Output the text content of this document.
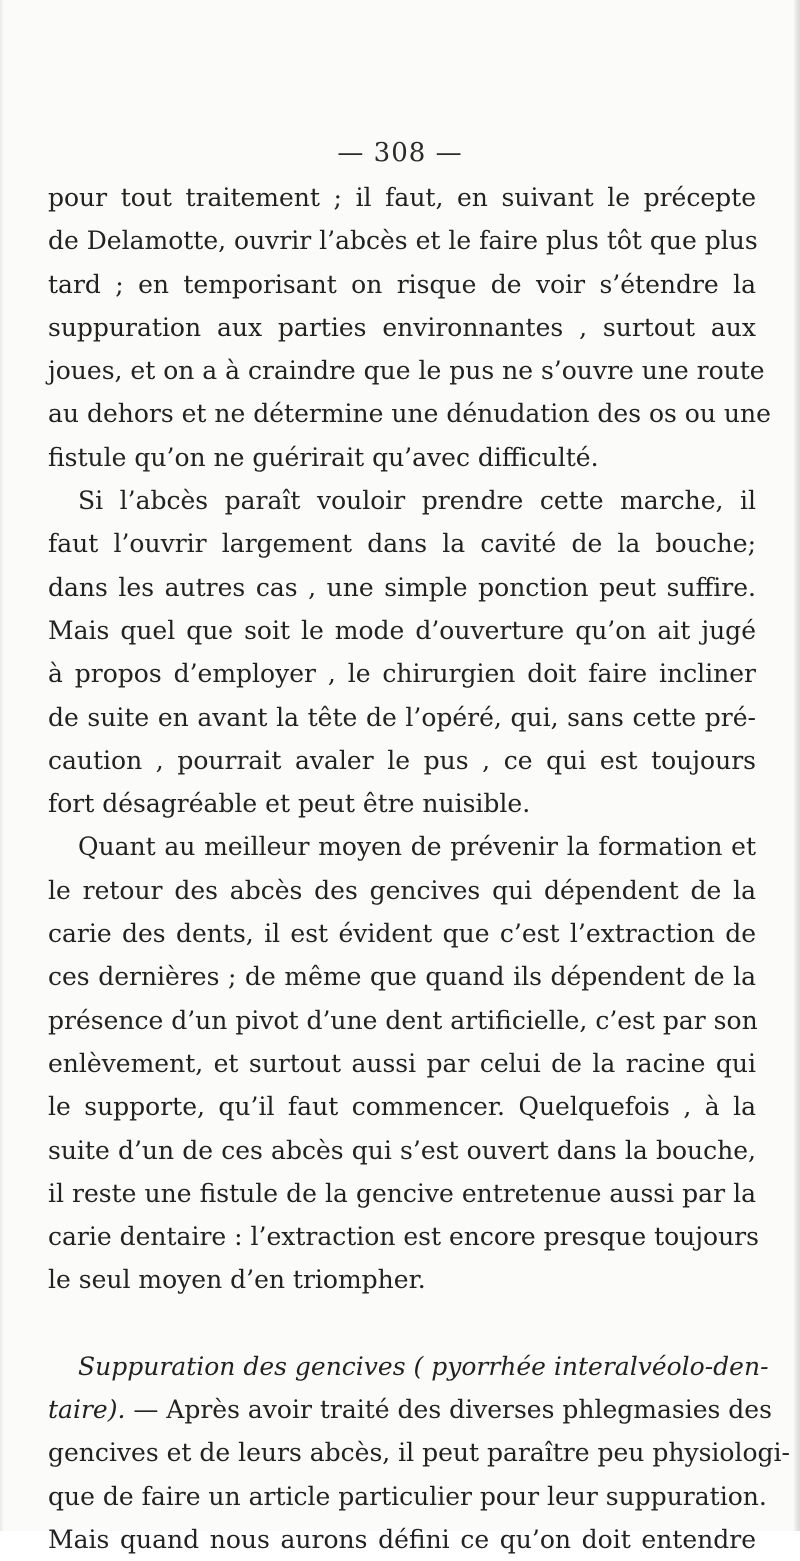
— 308 —
pour tout traitement ; il faut, en suivant le précepte
de Delamotte, ouvrir l’abcès et le faire plus tôt que plus
tard ; en temporisant on risque de voir s’étendre la
suppuration aux parties environnantes , surtout aux
joues, et on a à craindre que le pus ne s’ouvre une route
au dehors et ne détermine une dénudation des os ou une
fistule qu’on ne guérirait qu’avec difficulté.
Si l’abcès paraît vouloir prendre cette marche, il
faut l’ouvrir largement dans la cavité de la bouche;
dans les autres cas , une simple ponction peut suffire.
Mais quel que soit le mode d’ouverture qu’on ait jugé
à propos d’employer , le chirurgien doit faire incliner
de suite en avant la tête de l’opéré, qui, sans cette pré-
caution , pourrait avaler le pus , ce qui est toujours
fort désagréable et peut être nuisible.
Quant au meilleur moyen de prévenir la formation et
le retour des abcès des gencives qui dépendent de la
carie des dents, il est évident que c’est l’extraction de
ces dernières ; de même que quand ils dépendent de la
présence d’un pivot d’une dent artificielle, c’est par son
enlèvement, et surtout aussi par celui de la racine qui
le supporte, qu’il faut commencer. Quelquefois , à la
suite d’un de ces abcès qui s’est ouvert dans la bouche,
il reste une fistule de la gencive entretenue aussi par la
carie dentaire : l’extraction est encore presque toujours
le seul moyen d’en triompher.
Suppuration des gencives ( pyorrhée interalvéolo-den-
taire). — Après avoir traité des diverses phlegmasies des
gencives et de leurs abcès, il peut paraître peu physiologi-
que de faire un article particulier pour leur suppuration.
Mais quand nous aurons défini ce qu’on doit entendre
